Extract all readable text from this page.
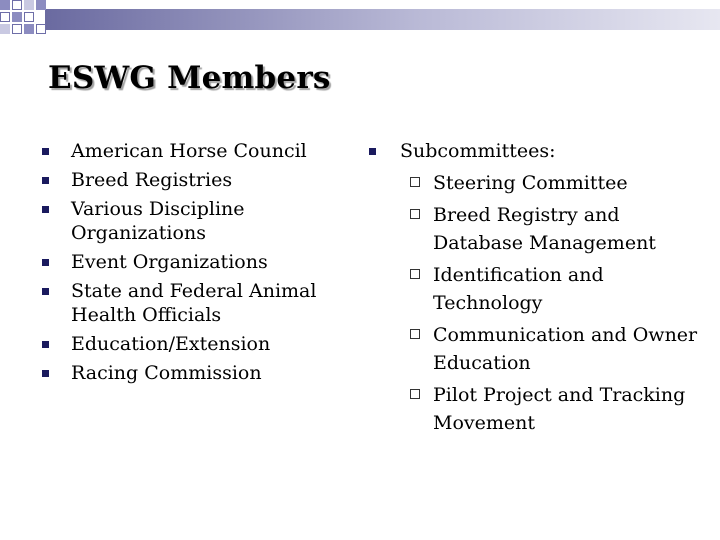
ESWG Members
American Horse Council
Breed Registries
Various Discipline Organizations
Event Organizations
State and Federal Animal Health Officials
Education/Extension
Racing Commission
Subcommittees:
Steering Committee
Breed Registry and Database Management
Identification and Technology
Communication and Owner Education
Pilot Project and Tracking Movement
